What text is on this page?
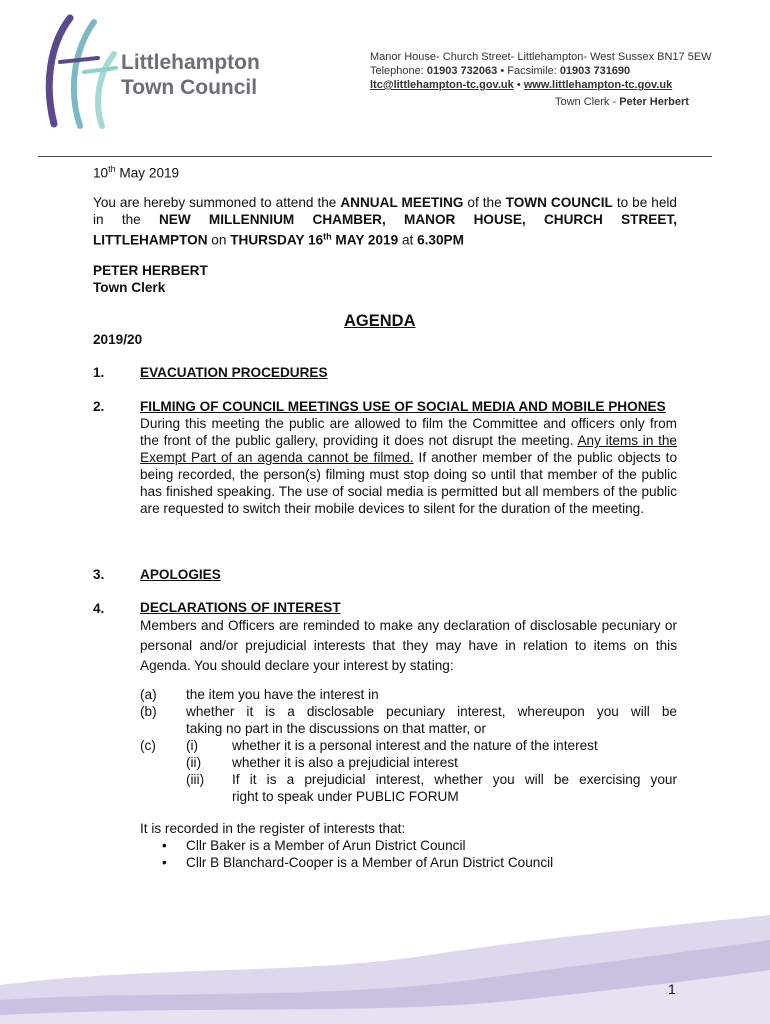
Littlehampton
Town Council
Manor House- Church Street- Littlehampton- West Sussex BN17 5EW
Telephone: 01903 732063 • Facsimile: 01903 731690
ltc@littlehampton-tc.gov.uk • www.littlehampton-tc.gov.uk
Town Clerk - Peter Herbert
10th May 2019
You are hereby summoned to attend the ANNUAL MEETING of the TOWN COUNCIL to be held in the NEW MILLENNIUM CHAMBER, MANOR HOUSE, CHURCH STREET, LITTLEHAMPTON on THURSDAY 16th MAY 2019 at 6.30PM
PETER HERBERT
Town Clerk
AGENDA
2019/20
1.	EVACUATION PROCEDURES
2.	FILMING OF COUNCIL MEETINGS USE OF SOCIAL MEDIA AND MOBILE PHONES
During this meeting the public are allowed to film the Committee and officers only from the front of the public gallery, providing it does not disrupt the meeting. Any items in the Exempt Part of an agenda cannot be filmed. If another member of the public objects to being recorded, the person(s) filming must stop doing so until that member of the public has finished speaking. The use of social media is permitted but all members of the public are requested to switch their mobile devices to silent for the duration of the meeting.
3.	APOLOGIES
4.	DECLARATIONS OF INTEREST
Members and Officers are reminded to make any declaration of disclosable pecuniary or personal and/or prejudicial interests that they may have in relation to items on this Agenda. You should declare your interest by stating:
(a) the item you have the interest in
(b) whether it is a disclosable pecuniary interest, whereupon you will be
taking no part in the discussions on that matter, or
(c) (i) whether it is a personal interest and the nature of the interest
(ii) whether it is also a prejudicial interest
(iii) If it is a prejudicial interest, whether you will be exercising your
right to speak under PUBLIC FORUM
It is recorded in the register of interests that:
• Cllr Baker is a Member of Arun District Council
• Cllr B Blanchard-Cooper is a Member of Arun District Council
1
